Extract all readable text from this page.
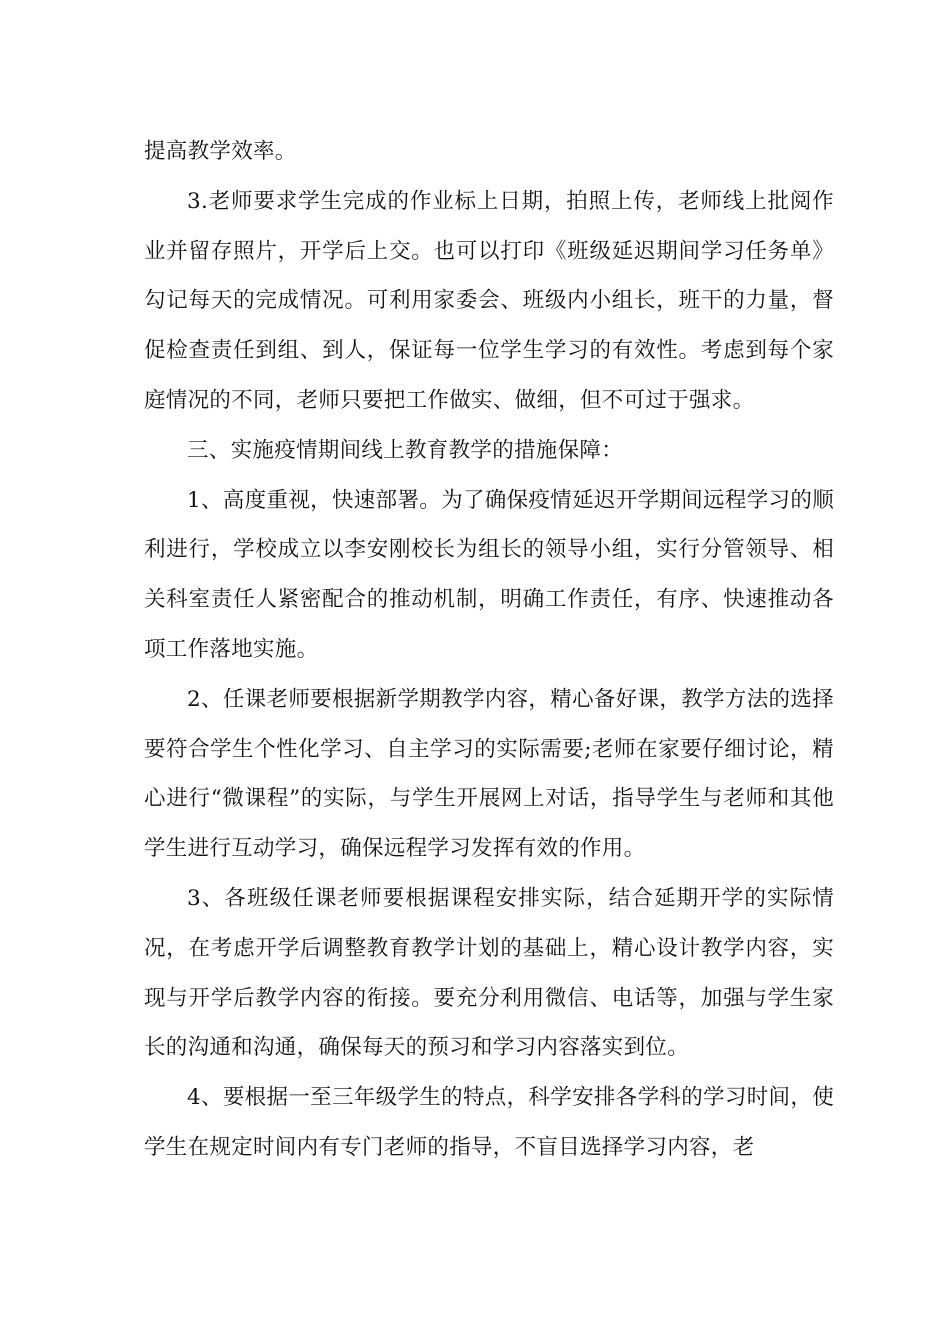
提高教学效率。

3.老师要求学生完成的作业标上日期，拍照上传，老师线上批阅作业并留存照片，开学后上交。也可以打印《班级延迟期间学习任务单》勾记每天的完成情况。可利用家委会、班级内小组长，班干的力量，督促检查责任到组、到人，保证每一位学生学习的有效性。考虑到每个家庭情况的不同，老师只要把工作做实、做细，但不可过于强求。

三、实施疫情期间线上教育教学的措施保障：

1、高度重视，快速部署。为了确保疫情延迟开学期间远程学习的顺利进行，学校成立以李安刚校长为组长的领导小组，实行分管领导、相关科室责任人紧密配合的推动机制，明确工作责任，有序、快速推动各项工作落地实施。

2、任课老师要根据新学期教学内容，精心备好课，教学方法的选择要符合学生个性化学习、自主学习的实际需要;老师在家要仔细讨论，精心进行“微课程”的实际，与学生开展网上对话，指导学生与老师和其他学生进行互动学习，确保远程学习发挥有效的作用。

3、各班级任课老师要根据课程安排实际，结合延期开学的实际情况，在考虑开学后调整教育教学计划的基础上，精心设计教学内容，实现与开学后教学内容的衔接。要充分利用微信、电话等，加强与学生家长的沟通和沟通，确保每天的预习和学习内容落实到位。

4、要根据一至三年级学生的特点，科学安排各学科的学习时间，使学生在规定时间内有专门老师的指导，不盲目选择学习内容，老
